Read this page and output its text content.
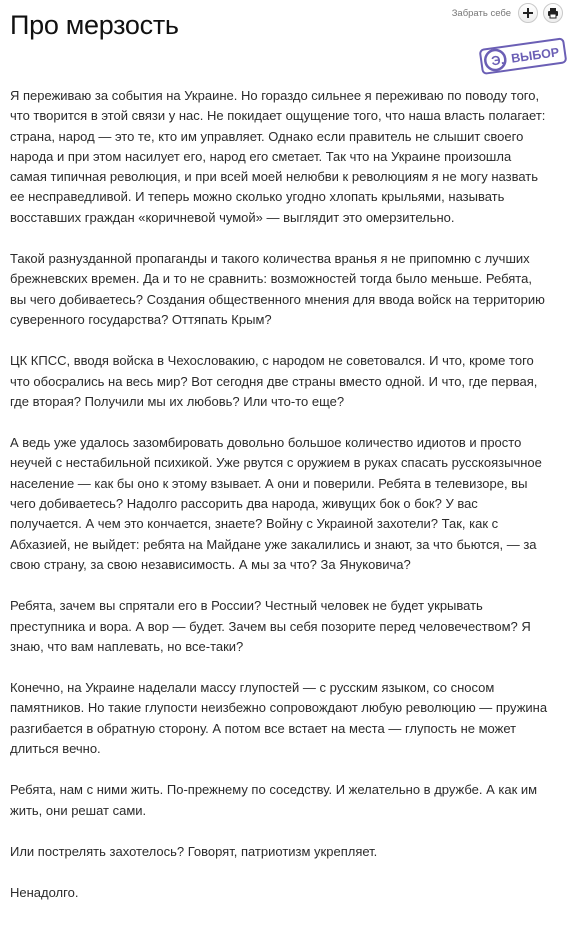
Про мерзость	Забрать себе
Э. ВЫБОР

Я переживаю за события на Украине. Но гораздо сильнее я переживаю по поводу того, что творится в этой связи у нас. Не покидает ощущение того, что наша власть полагает: страна, народ — это те, кто им управляет. Однако если правитель не слышит своего народа и при этом насилует его, народ его сметает. Так что на Украине произошла самая типичная революция, и при всей моей нелюбви к революциям я не могу назвать ее несправедливой. И теперь можно сколько угодно хлопать крыльями, называть восставших граждан «коричневой чумой» — выглядит это омерзительно.

Такой разнузданной пропаганды и такого количества вранья я не припомню с лучших брежневских времен. Да и то не сравнить: возможностей тогда было меньше. Ребята, вы чего добиваетесь? Создания общественного мнения для ввода войск на территорию суверенного государства? Оттяпать Крым?

ЦК КПСС, вводя войска в Чехословакию, с народом не советовался. И что, кроме того что обосрались на весь мир? Вот сегодня две страны вместо одной. И что, где первая, где вторая? Получили мы их любовь? Или что-то еще?

А ведь уже удалось зазомбировать довольно большое количество идиотов и просто неучей с нестабильной психикой. Уже рвутся с оружием в руках спасать русскоязычное население — как бы оно к этому взывает. А они и поверили. Ребята в телевизоре, вы чего добиваетесь? Надолго рассорить два народа, живущих бок о бок? У вас получается. А чем это кончается, знаете? Войну с Украиной захотели? Так, как с Абхазией, не выйдет: ребята на Майдане уже закалились и знают, за что бьются, — за свою страну, за свою независимость. А мы за что? За Януковича?

Ребята, зачем вы спрятали его в России? Честный человек не будет укрывать преступника и вора. А вор — будет. Зачем вы себя позорите перед человечеством? Я знаю, что вам наплевать, но все-таки?

Конечно, на Украине наделали массу глупостей — с русским языком, со сносом памятников. Но такие глупости неизбежно сопровождают любую революцию — пружина разгибается в обратную сторону. А потом все встает на места — глупость не может длиться вечно.

Ребята, нам с ними жить. По-прежнему по соседству. И желательно в дружбе. А как им жить, они решат сами.

Или пострелять захотелось? Говорят, патриотизм укрепляет.

Ненадолго.
